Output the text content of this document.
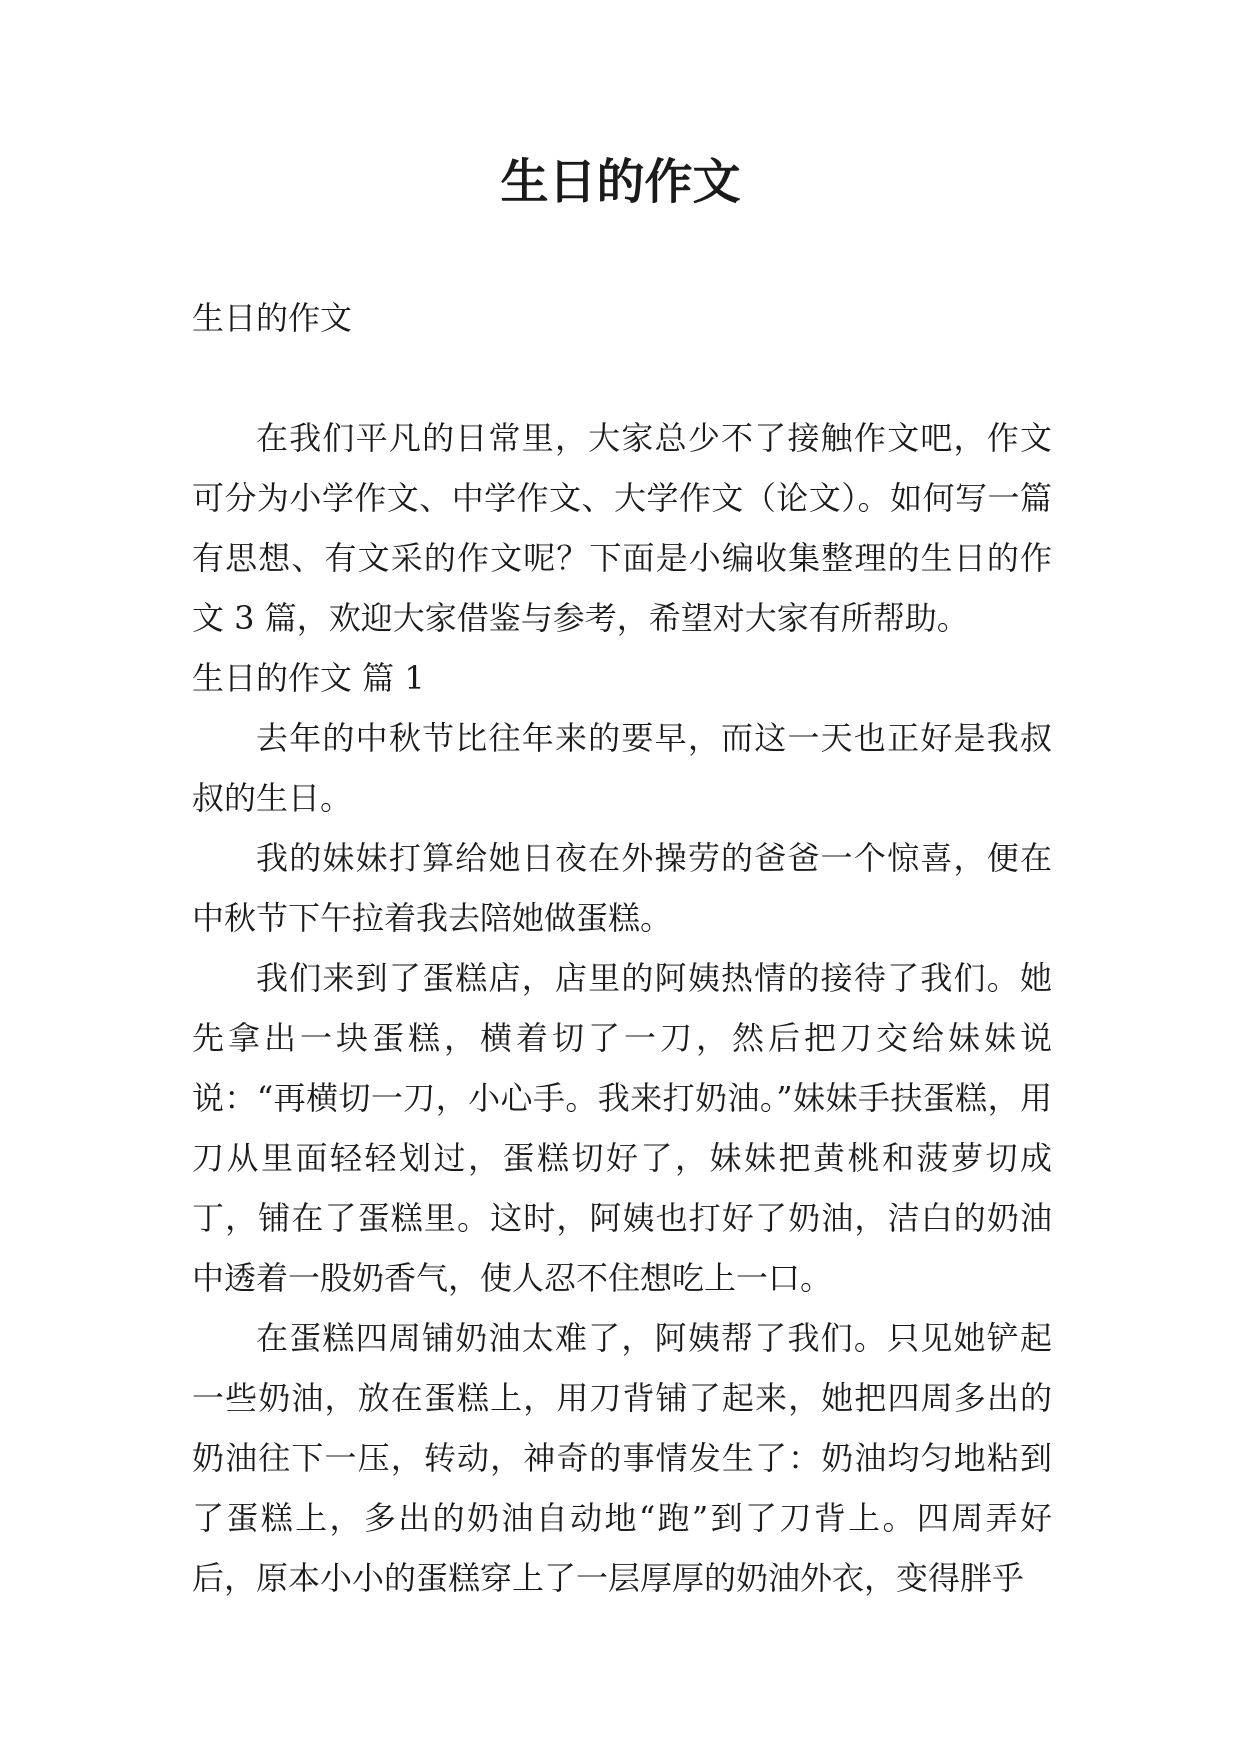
生日的作文

生日的作文

在我们平凡的日常里，大家总少不了接触作文吧，作文可分为小学作文、中学作文、大学作文（论文）。如何写一篇有思想、有文采的作文呢？下面是小编收集整理的生日的作文 3 篇，欢迎大家借鉴与参考，希望对大家有所帮助。

生日的作文 篇 1

去年的中秋节比往年来的要早，而这一天也正好是我叔叔的生日。

我的妹妹打算给她日夜在外操劳的爸爸一个惊喜，便在中秋节下午拉着我去陪她做蛋糕。

我们来到了蛋糕店，店里的阿姨热情的接待了我们。她先拿出一块蛋糕，横着切了一刀，然后把刀交给妹妹说说：“再横切一刀，小心手。我来打奶油。”妹妹手扶蛋糕，用刀从里面轻轻划过，蛋糕切好了，妹妹把黄桃和菠萝切成丁，铺在了蛋糕里。这时，阿姨也打好了奶油，洁白的奶油中透着一股奶香气，使人忍不住想吃上一口。

在蛋糕四周铺奶油太难了，阿姨帮了我们。只见她铲起一些奶油，放在蛋糕上，用刀背铺了起来，她把四周多出的奶油往下一压，转动，神奇的事情发生了：奶油均匀地粘到了蛋糕上，多出的奶油自动地“跑”到了刀背上。四周弄好后，原本小小的蛋糕穿上了一层厚厚的奶油外衣，变得胖乎
